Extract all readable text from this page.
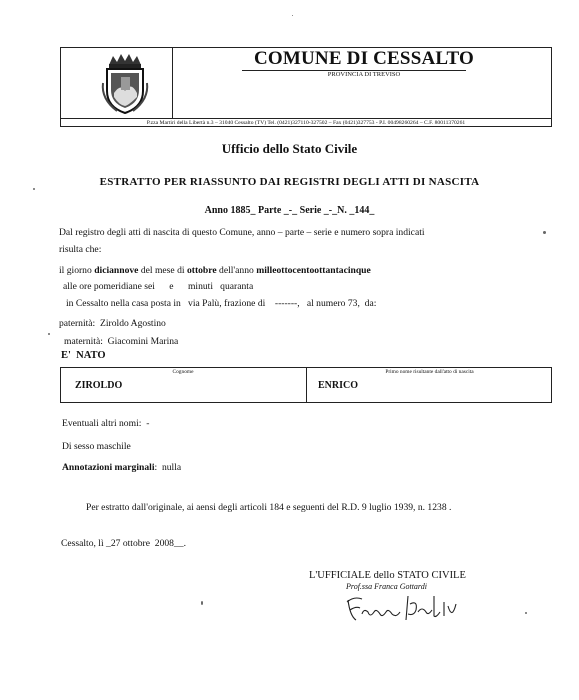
COMUNE DI CESSALTO
PROVINCIA DI TREVISO
P.zza Martiri della Libertà n.3 – 31040 Cessalto (TV) Tel. (0421)327110-327502 – Fax (0421)327753 - P.I. 00498260264 – C.F. 80011370261
Ufficio dello Stato Civile
ESTRATTO PER RIASSUNTO DAI REGISTRI DEGLI ATTI DI NASCITA
Anno 1885_ Parte _-_ Serie _-_N. _144_
Dal registro degli atti di nascita di questo Comune, anno – parte – serie e numero sopra indicati
risulta che:
il giorno diciannove del mese di ottobre dell'anno milleottocentoottantacinque
alle ore pomeridiane sei      e      minuti   quaranta
in Cessalto nella casa posta in   via Palù, frazione di    -------,   al numero 73,  da:
paternità:  Ziroldo Agostino
maternità:  Giacomini Marina
E'  NATO
Cognome	Primo nome risultante dall'atto di nascita
ZIROLDO	ENRICO
Eventuali altri nomi:  -
Di sesso maschile
Annotazioni marginali:  nulla
Per estratto dall'originale, ai aensi degli articoli 184 e seguenti del R.D. 9 luglio 1939, n. 1238 .
Cessalto, lì _27 ottobre  2008__.
L'UFFICIALE dello STATO CIVILE
Prof.ssa Franca Gottardi
